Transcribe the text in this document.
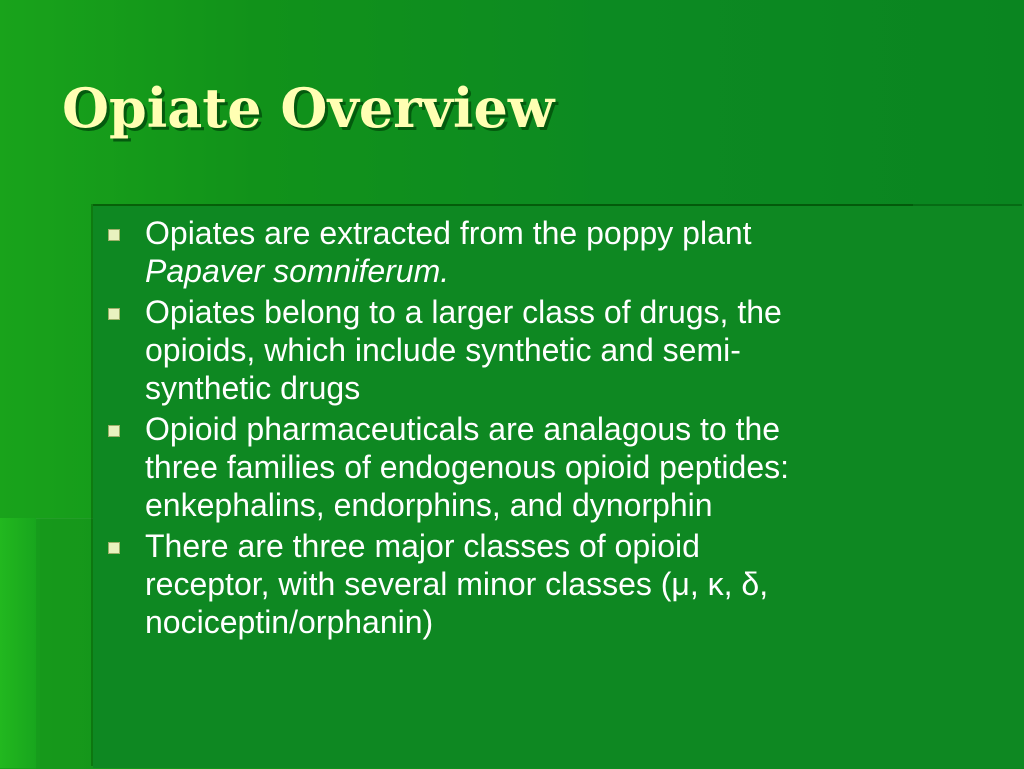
Opiate Overview
Opiates are extracted from the poppy plant
Papaver somniferum.
Opiates belong to a larger class of drugs, the
opioids, which include synthetic and semi-
synthetic drugs
Opioid pharmaceuticals are analagous to the
three families of endogenous opioid peptides:
enkephalins, endorphins, and dynorphin
There are three major classes of opioid
receptor, with several minor classes (μ, κ, δ,
nociceptin/orphanin)
